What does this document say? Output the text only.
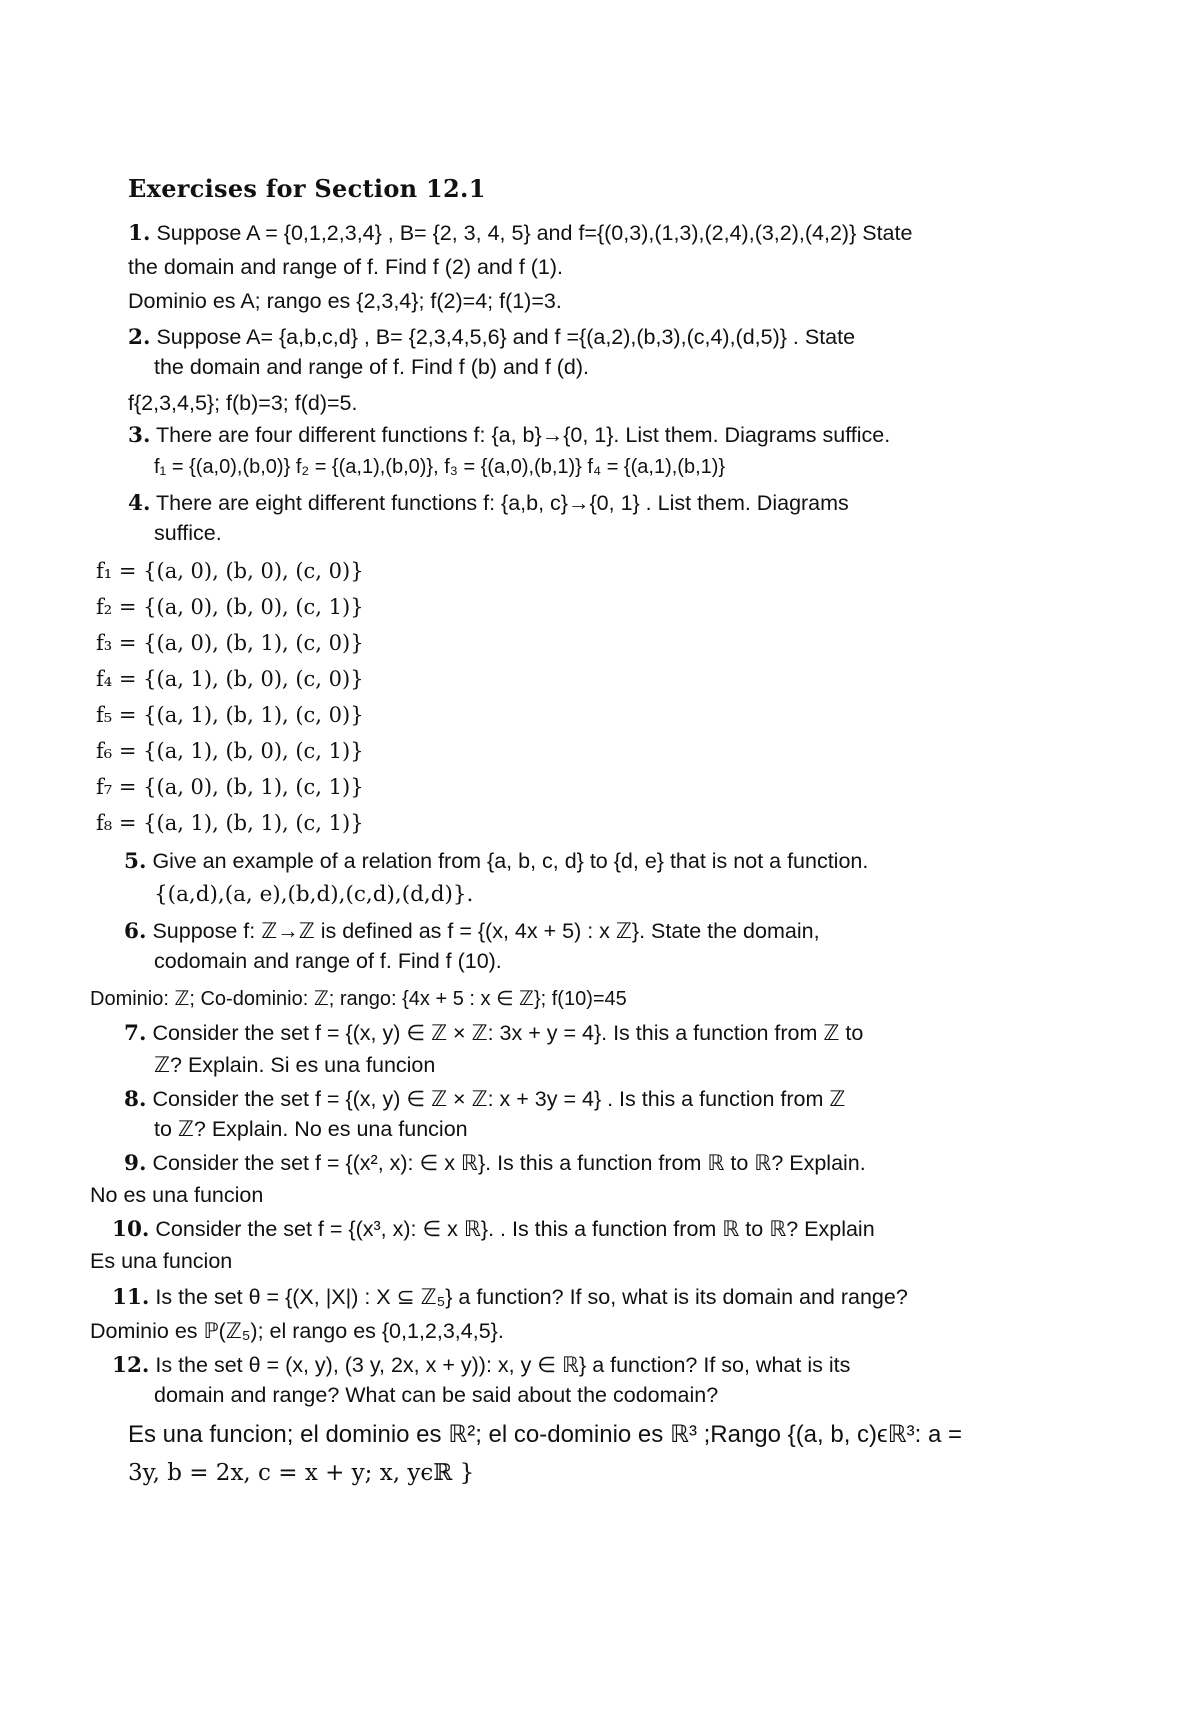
Exercises for Section 12.1
1. Suppose A = {0,1,2,3,4} , B= {2, 3, 4, 5} and f={(0,3),(1,3),(2,4),(3,2),(4,2)} State
the domain and range of f. Find f (2) and f (1).
Dominio es A; rango es {2,3,4}; f(2)=4; f(1)=3.
2. Suppose A= {a,b,c,d} , B= {2,3,4,5,6} and f ={(a,2),(b,3),(c,4),(d,5)} . State
the domain and range of f. Find f (b) and f (d).
f{2,3,4,5}; f(b)=3; f(d)=5.
3. There are four different functions f: {a, b}→{0, 1}. List them. Diagrams suffice.
f₁ = {(a,0),(b,0)} f₂ = {(a,1),(b,0)}, f₃ = {(a,0),(b,1)} f₄ = {(a,1),(b,1)}
4. There are eight different functions f: {a,b, c}→{0, 1} . List them. Diagrams
suffice.
f₁ = {(a, 0), (b, 0), (c, 0)}
f₂ = {(a, 0), (b, 0), (c, 1)}
f₃ = {(a, 0), (b, 1), (c, 0)}
f₄ = {(a, 1), (b, 0), (c, 0)}
f₅ = {(a, 1), (b, 1), (c, 0)}
f₆ = {(a, 1), (b, 0), (c, 1)}
f₇ = {(a, 0), (b, 1), (c, 1)}
f₈ = {(a, 1), (b, 1), (c, 1)}
5. Give an example of a relation from {a, b, c, d} to {d, e} that is not a function.
{(a,d),(a, e),(b,d),(c,d),(d,d)}.
6. Suppose f: ℤ→ℤ is defined as f = {(x, 4x + 5) : x ℤ}. State the domain,
codomain and range of f. Find f (10).
Dominio: ℤ; Co-dominio: ℤ; rango: {4x + 5 : x ∈ ℤ}; f(10)=45
7. Consider the set f = {(x, y) ∈ ℤ × ℤ: 3x + y = 4}. Is this a function from ℤ to
ℤ? Explain. Si es una funcion
8. Consider the set f = {(x, y) ∈ ℤ × ℤ: x + 3y = 4} . Is this a function from ℤ
to ℤ? Explain. No es una funcion
9. Consider the set f = {(x², x): ∈ x ℝ}. Is this a function from ℝ to ℝ? Explain.
No es una funcion
10. Consider the set f = {(x³, x): ∈ x ℝ}. . Is this a function from ℝ to ℝ? Explain
Es una funcion
11. Is the set θ = {(X, |X|) : X ⊆ ℤ₅} a function? If so, what is its domain and range?
Dominio es ℙ(ℤ₅); el rango es {0,1,2,3,4,5}.
12. Is the set θ = (x, y), (3 y, 2x, x + y)): x, y ∈ ℝ} a function? If so, what is its
domain and range? What can be said about the codomain?
Es una funcion; el dominio es ℝ²; el co-dominio es ℝ³ ;Rango {(a, b, c)ϵℝ³: a =
3y, b = 2x, c = x + y; x, yϵℝ }
